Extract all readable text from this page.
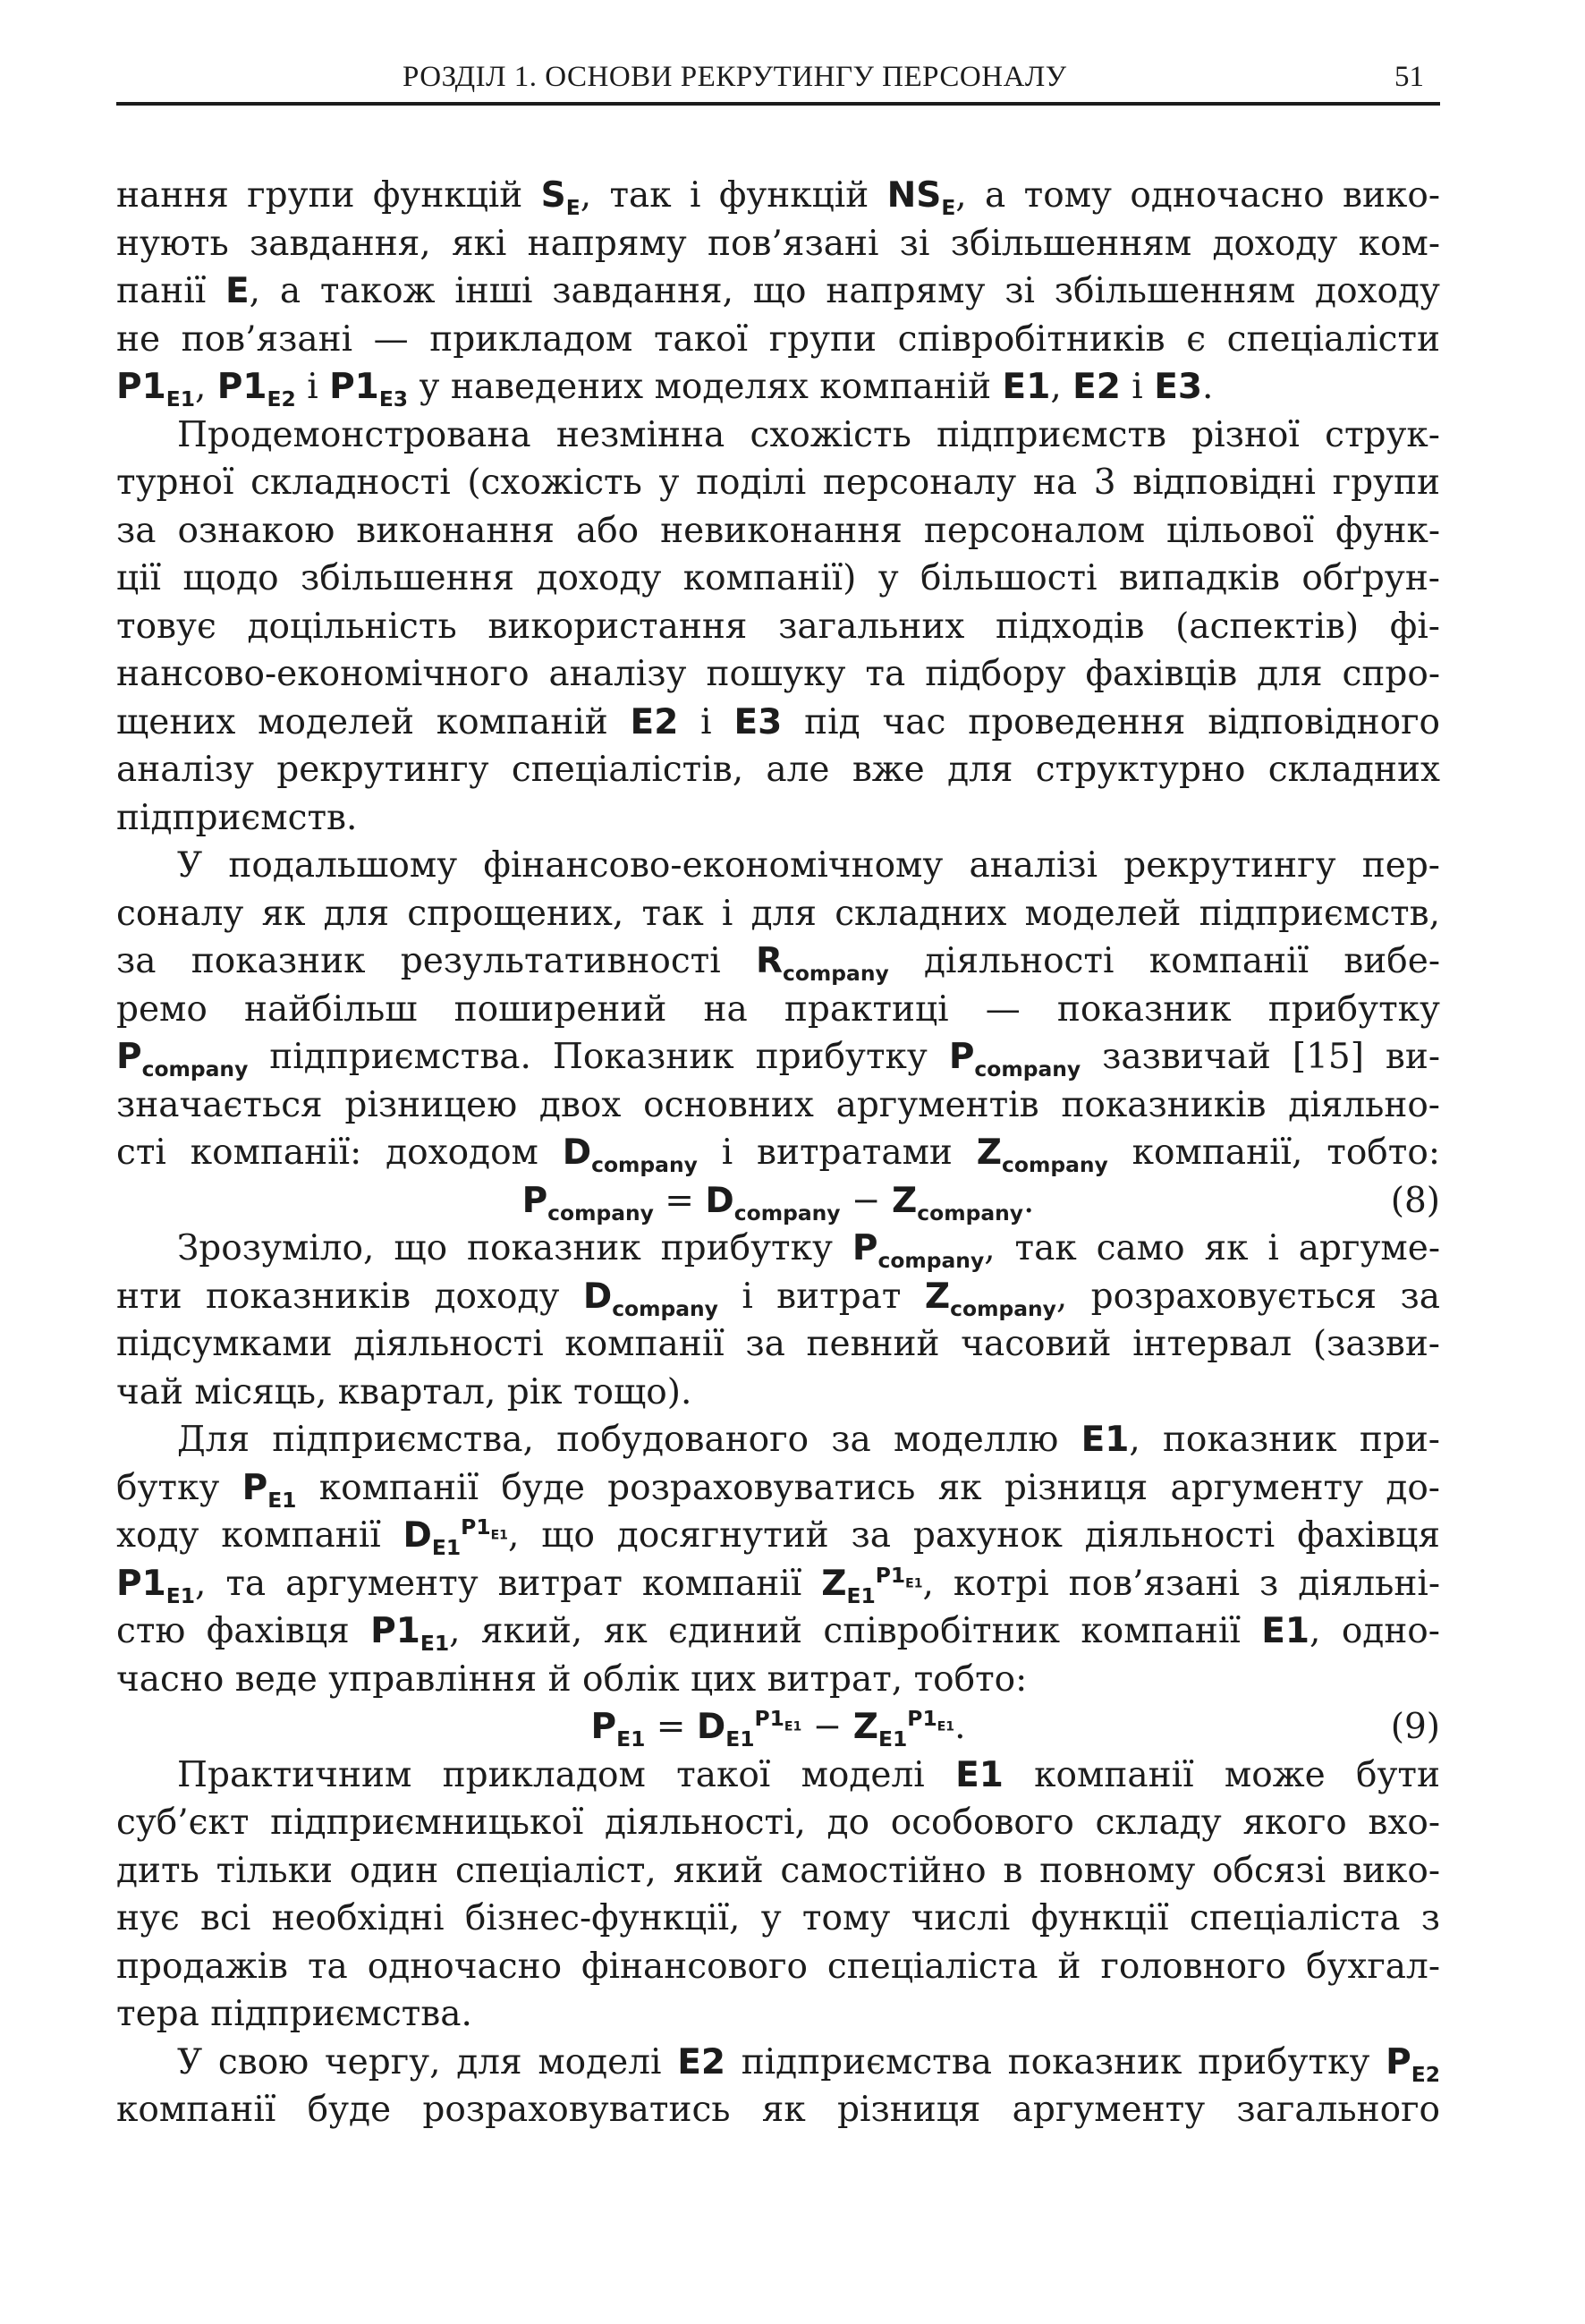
РОЗДІЛ 1. ОСНОВИ РЕКРУТИНГУ ПЕРСОНАЛУ	51
нання групи функцій $S_E$, так і функцій $NS_E$, а тому одночасно вико-
нують завдання, які напряму пов’язані зі збільшенням доходу ком-
панії E, а також інші завдання, що напряму зі збільшенням доходу
не пов’язані — прикладом такої групи співробітників є спеціалісти
$P1_{E1}$, $P1_{E2}$ і $P1_{E3}$ у наведених моделях компаній E1, E2 і E3.
Продемонстрована незмінна схожість підприємств різної струк-
турної складності (схожість у поділі персоналу на 3 відповідні групи
за ознакою виконання або невиконання персоналом цільової функ-
ції щодо збільшення доходу компанії) у більшості випадків обґрун-
товує доцільність використання загальних підходів (аспектів) фі-
нансово-економічного аналізу пошуку та підбору фахівців для спро-
щених моделей компаній E2 і E3 під час проведення відповідного
аналізу рекрутингу спеціалістів, але вже для структурно складних
підприємств.
У подальшому фінансово-економічному аналізі рекрутингу пер-
соналу як для спрощених, так і для складних моделей підприємств,
за показник результативності $R_{company}$ діяльності компанії вибе-
ремо найбільш поширений на практиці — показник прибутку
$P_{company}$ підприємства. Показник прибутку $P_{company}$ зазвичай [15] ви-
значається різницею двох основних аргументів показників діяльно-
сті компанії: доходом $D_{company}$ і витратами $Z_{company}$ компанії, тобто:
$P_{company} = D_{company} - Z_{company}$.	(8)
Зрозуміло, що показник прибутку $P_{company}$, так само як і аргуме-
нти показників доходу $D_{company}$ і витрат $Z_{company}$, розраховується за
підсумками діяльності компанії за певний часовий інтервал (зазви-
чай місяць, квартал, рік тощо).
Для підприємства, побудованого за моделлю E1, показник при-
бутку $P_{E1}$ компанії буде розраховуватись як різниця аргументу до-
ходу компанії $D_{E1}^{P1_{E1}}$, що досягнутий за рахунок діяльності фахівця
$P1_{E1}$, та аргументу витрат компанії $Z_{E1}^{P1_{E1}}$, котрі пов’язані з діяльні-
стю фахівця $P1_{E1}$, який, як єдиний співробітник компанії E1, одно-
часно веде управління й облік цих витрат, тобто:
$P_{E1} = D_{E1}^{P1_{E1}} - Z_{E1}^{P1_{E1}}$.	(9)
Практичним прикладом такої моделі E1 компанії може бути
суб’єкт підприємницької діяльності, до особового складу якого вхо-
дить тільки один спеціаліст, який самостійно в повному обсязі вико-
нує всі необхідні бізнес-функції, у тому числі функції спеціаліста з
продажів та одночасно фінансового спеціаліста й головного бухгал-
тера підприємства.
У свою чергу, для моделі E2 підприємства показник прибутку $P_{E2}$
компанії буде розраховуватись як різниця аргументу загального
